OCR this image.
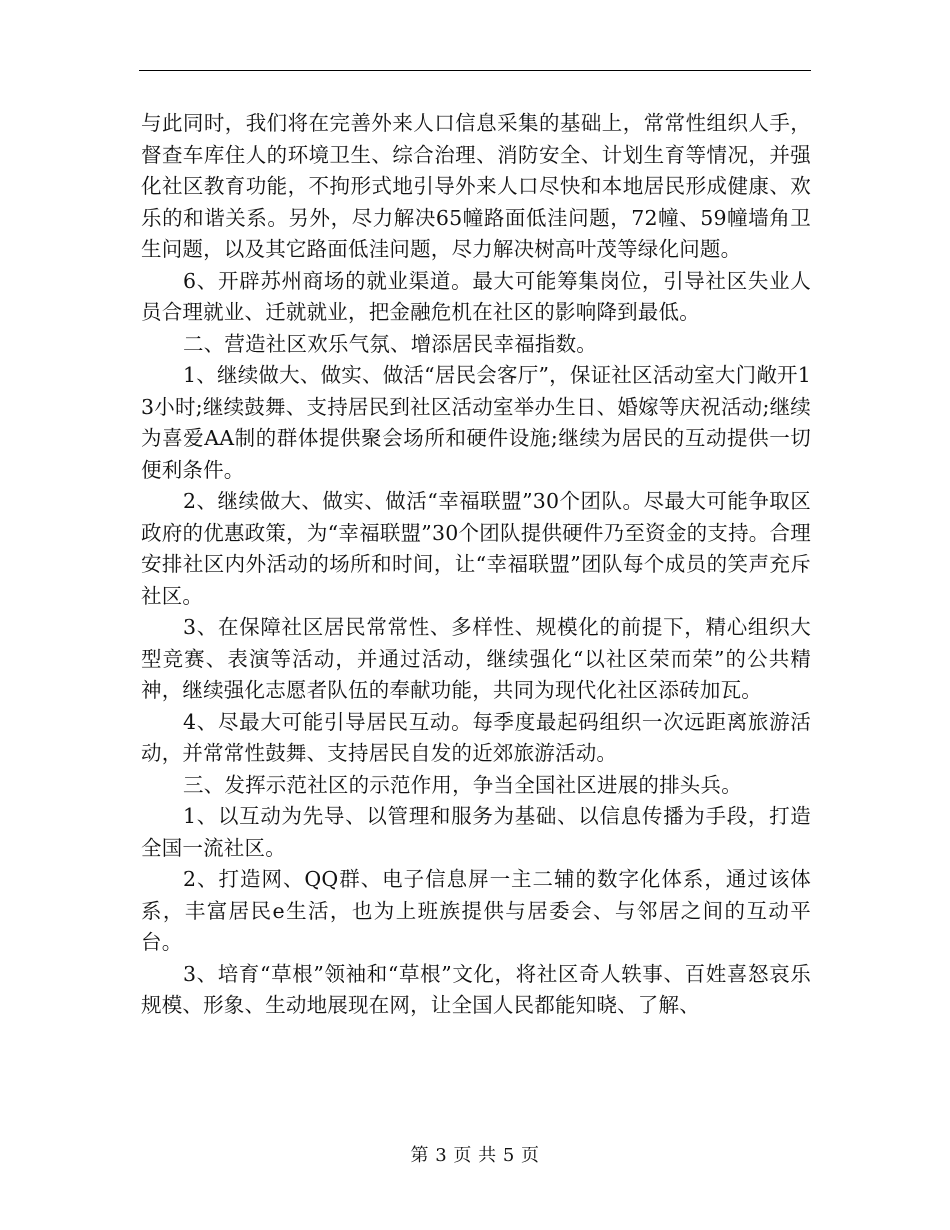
与此同时，我们将在完善外来人口信息采集的基础上，常常性组织人手，督查车库住人的环境卫生、综合治理、消防安全、计划生育等情况，并强化社区教育功能，不拘形式地引导外来人口尽快和本地居民形成健康、欢乐的和谐关系。另外，尽力解决65幢路面低洼问题，72幢、59幢墙角卫生问题，以及其它路面低洼问题，尽力解决树高叶茂等绿化问题。

6、开辟苏州商场的就业渠道。最大可能筹集岗位，引导社区失业人员合理就业、迁就就业，把金融危机在社区的影响降到最低。

二、营造社区欢乐气氛、增添居民幸福指数。

1、继续做大、做实、做活“居民会客厅”，保证社区活动室大门敞开13小时;继续鼓舞、支持居民到社区活动室举办生日、婚嫁等庆祝活动;继续为喜爱AA制的群体提供聚会场所和硬件设施;继续为居民的互动提供一切便利条件。

2、继续做大、做实、做活“幸福联盟”30个团队。尽最大可能争取区政府的优惠政策，为“幸福联盟”30个团队提供硬件乃至资金的支持。合理安排社区内外活动的场所和时间，让“幸福联盟”团队每个成员的笑声充斥社区。

3、在保障社区居民常常性、多样性、规模化的前提下，精心组织大型竞赛、表演等活动，并通过活动，继续强化“以社区荣而荣”的公共精神，继续强化志愿者队伍的奉献功能，共同为现代化社区添砖加瓦。

4、尽最大可能引导居民互动。每季度最起码组织一次远距离旅游活动，并常常性鼓舞、支持居民自发的近郊旅游活动。

三、发挥示范社区的示范作用，争当全国社区进展的排头兵。

1、以互动为先导、以管理和服务为基础、以信息传播为手段，打造全国一流社区。

2、打造网、QQ群、电子信息屏一主二辅的数字化体系，通过该体系，丰富居民e生活，也为上班族提供与居委会、与邻居之间的互动平台。

3、培育“草根”领袖和“草根”文化，将社区奇人轶事、百姓喜怒哀乐规模、形象、生动地展现在网，让全国人民都能知晓、了解、

第 3 页 共 5 页
